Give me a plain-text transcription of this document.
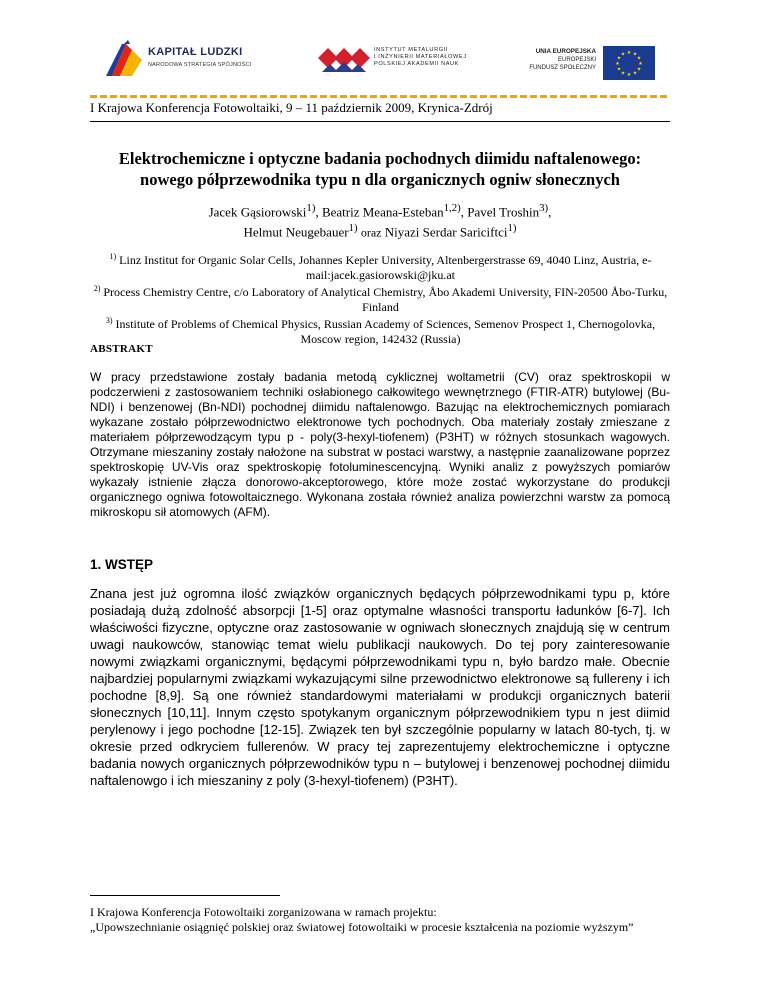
KAPITAŁ LUDZKI
NARODOWA STRATEGIA SPÓJNOŚCI
INSTYTUT METALURGII
I INŻYNIERII MATERIAŁOWEJ
POLSKIEJ AKADEMII NAUK
UNIA EUROPEJSKA
EUROPEJSKI
FUNDUSZ SPOŁECZNY
★ ★
★
★
★
★
★
★
★
★
★
★
I Krajowa Konferencja Fotowoltaiki, 9 – 11 październik 2009, Krynica-Zdrój
Elektrochemiczne i optyczne badania pochodnych diimidu naftalenowego:
nowego półprzewodnika typu n dla organicznych ogniw słonecznych
Jacek Gąsiorowski$^{1)}$, Beatriz Meana-Esteban$^{1,2)}$, Pavel Troshin$^{3)}$,
Helmut Neugebauer$^{1)}$ oraz Niyazi Serdar Sariciftci$^{1)}$
$^{1)}$ Linz Institut for Organic Solar Cells, Johannes Kepler University, Altenbergerstrasse 69, 4040 Linz, Austria, e-mail:jacek.gasiorowski@jku.at
$^{2)}$ Process Chemistry Centre, c/o Laboratory of Analytical Chemistry, Åbo Akademi University, FIN-20500 Åbo-Turku, Finland
$^{3)}$ Institute of Problems of Chemical Physics, Russian Academy of Sciences, Semenov Prospect 1, Chernogolovka, Moscow region, 142432 (Russia)
ABSTRAKT
W pracy przedstawione zostały badania metodą cyklicznej woltametrii (CV) oraz spektroskopii w podczerwieni z zastosowaniem techniki osłabionego całkowitego wewnętrznego (FTIR-ATR) butylowej (Bu-NDI) i benzenowej (Bn-NDI) pochodnej diimidu naftalenowgo. Bazując na elektrochemicznych pomiarach wykazane zostało półprzewodnictwo elektronowe tych pochodnych. Oba materiały zostały zmieszane z materiałem półprzewodzącym typu p - poly(3-hexyl-tiofenem) (P3HT) w różnych stosunkach wagowych. Otrzymane mieszaniny zostały nałożone na substrat w postaci warstwy, a następnie zaanalizowane poprzez spektroskopię UV-Vis oraz spektroskopię fotoluminescencyjną. Wyniki analiz z powyższych pomiarów wykazały istnienie złącza donorowo-akceptorowego, które może zostać wykorzystane do produkcji organicznego ogniwa fotowoltaicznego. Wykonana została również analiza powierzchni warstw za pomocą mikroskopu sił atomowych (AFM).
1. WSTĘP
Znana jest już ogromna ilość związków organicznych będących półprzewodnikami typu p, które posiadają dużą zdolność absorpcji [1-5] oraz optymalne własności transportu ładunków [6-7]. Ich właściwości fizyczne, optyczne oraz zastosowanie w ogniwach słonecznych znajdują się w centrum uwagi naukowców, stanowiąc temat wielu publikacji naukowych. Do tej pory zainteresowanie nowymi związkami organicznymi, będącymi półprzewodnikami typu n, było bardzo małe. Obecnie najbardziej popularnymi związkami wykazującymi silne przewodnictwo elektronowe są fullereny i ich pochodne [8,9]. Są one również standardowymi materiałami w produkcji organicznych baterii słonecznych [10,11]. Innym często spotykanym organicznym półprzewodnikiem typu n jest diimid perylenowy i jego pochodne [12-15]. Związek ten był szczególnie popularny w latach 80-tych, tj. w okresie przed odkryciem fullerenów. W pracy tej zaprezentujemy elektrochemiczne i optyczne badania nowych organicznych półprzewodników typu n – butylowej i benzenowej pochodnej diimidu naftalenowgo i ich mieszaniny z poly (3-hexyl-tiofenem) (P3HT).
I Krajowa Konferencja Fotowoltaiki zorganizowana w ramach projektu:
„Upowszechnianie osiągnięć polskiej oraz światowej fotowoltaiki w procesie kształcenia na poziomie wyższym”
